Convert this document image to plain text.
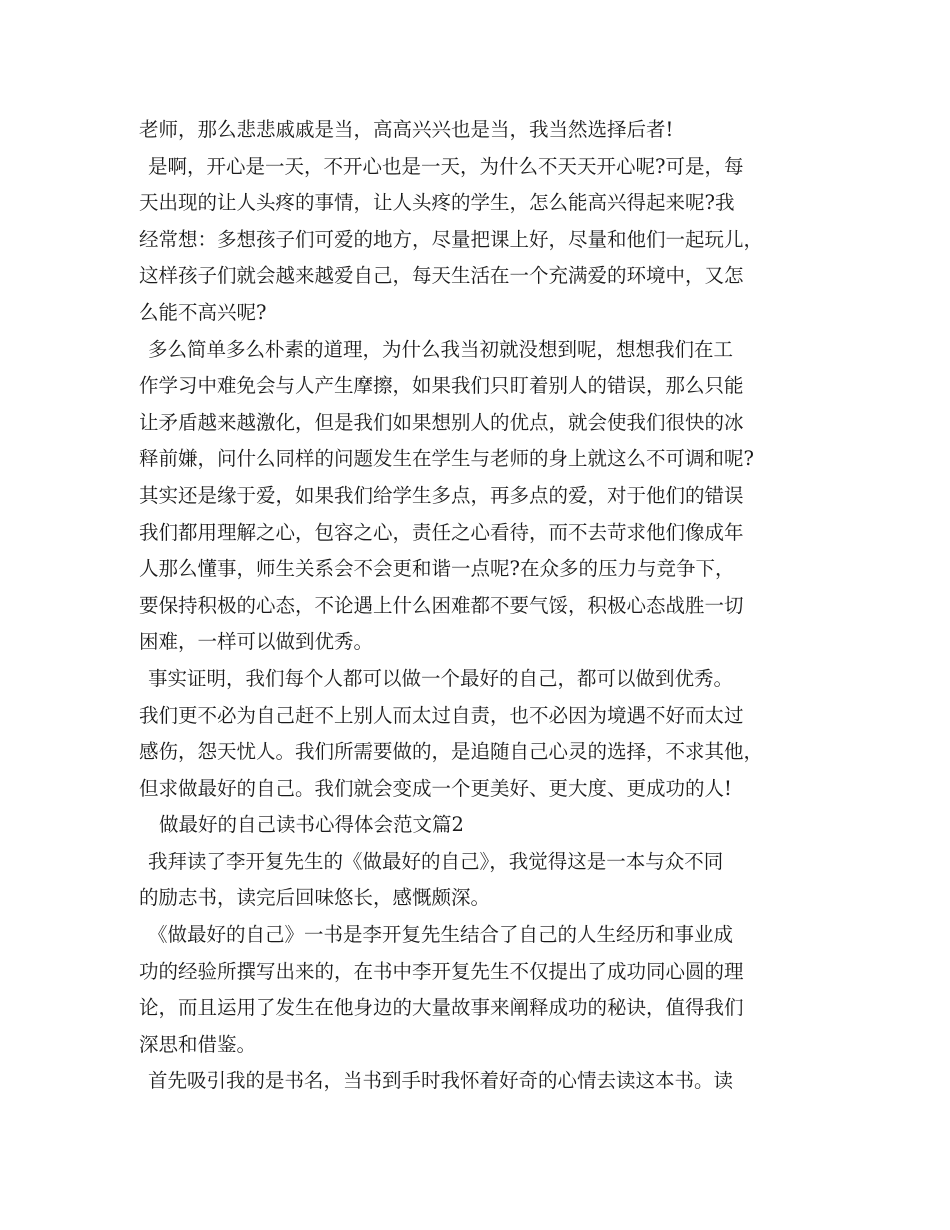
老师，那么悲悲戚戚是当，高高兴兴也是当，我当然选择后者!
是啊，开心是一天，不开心也是一天，为什么不天天开心呢?可是，每
天出现的让人头疼的事情，让人头疼的学生，怎么能高兴得起来呢?我
经常想：多想孩子们可爱的地方，尽量把课上好，尽量和他们一起玩儿，
这样孩子们就会越来越爱自己，每天生活在一个充满爱的环境中，又怎
么能不高兴呢?
多么简单多么朴素的道理，为什么我当初就没想到呢，想想我们在工
作学习中难免会与人产生摩擦，如果我们只盯着别人的错误，那么只能
让矛盾越来越激化，但是我们如果想别人的优点，就会使我们很快的冰
释前嫌，问什么同样的问题发生在学生与老师的身上就这么不可调和呢?
其实还是缘于爱，如果我们给学生多点，再多点的爱，对于他们的错误
我们都用理解之心，包容之心，责任之心看待，而不去苛求他们像成年
人那么懂事，师生关系会不会更和谐一点呢?在众多的压力与竞争下，
要保持积极的心态，不论遇上什么困难都不要气馁，积极心态战胜一切
困难，一样可以做到优秀。
事实证明，我们每个人都可以做一个最好的自己，都可以做到优秀。
我们更不必为自己赶不上别人而太过自责，也不必因为境遇不好而太过
感伤，怨天忧人。我们所需要做的，是追随自己心灵的选择，不求其他，
但求做最好的自己。我们就会变成一个更美好、更大度、更成功的人!
做最好的自己读书心得体会范文篇2
我拜读了李开复先生的《做最好的自己》，我觉得这是一本与众不同
的励志书，读完后回味悠长，感慨颇深。
《做最好的自己》一书是李开复先生结合了自己的人生经历和事业成
功的经验所撰写出来的，在书中李开复先生不仅提出了成功同心圆的理
论，而且运用了发生在他身边的大量故事来阐释成功的秘诀，值得我们
深思和借鉴。
首先吸引我的是书名，当书到手时我怀着好奇的心情去读这本书。读
